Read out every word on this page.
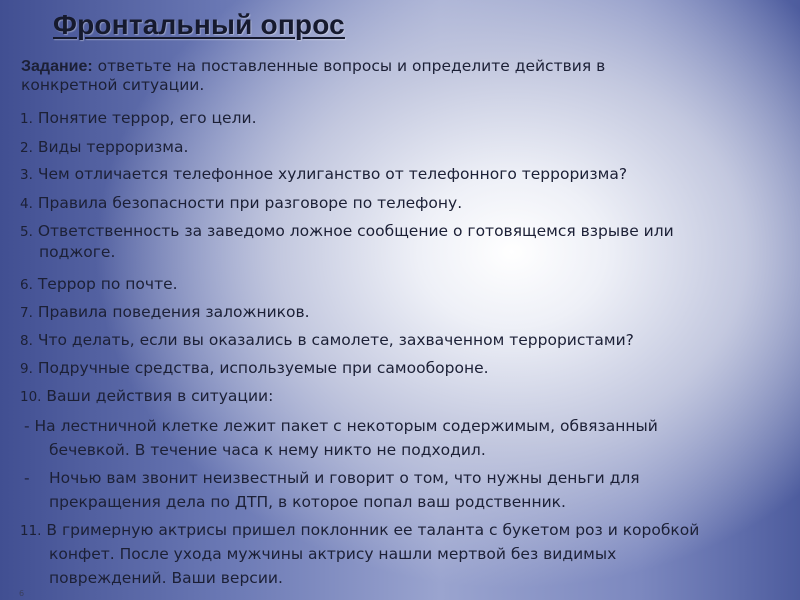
Фронтальный опрос
Задание: ответьте на поставленные вопросы и определите действия в
конкретной ситуации.
1. Понятие террор, его цели.
2. Виды терроризма.
3. Чем отличается телефонное хулиганство от телефонного терроризма?
4. Правила безопасности при разговоре по телефону.
5. Ответственность за заведомо ложное сообщение о готовящемся взрыве или
поджоге.
6. Террор по почте.
7. Правила поведения заложников.
8. Что делать, если вы оказались в самолете, захваченном террористами?
9. Подручные средства, используемые при самообороне.
10. Ваши действия в ситуации:
- На лестничной клетке лежит пакет с некоторым содержимым, обвязанный
бечевкой. В течение часа к нему никто не подходил.
- Ночью вам звонит неизвестный и говорит о том, что нужны деньги для
прекращения дела по ДТП, в которое попал ваш родственник.
11. В гримерную актрисы пришел поклонник ее таланта с букетом роз и коробкой
конфет. После ухода мужчины актрису нашли мертвой без видимых
повреждений. Ваши версии.
6
